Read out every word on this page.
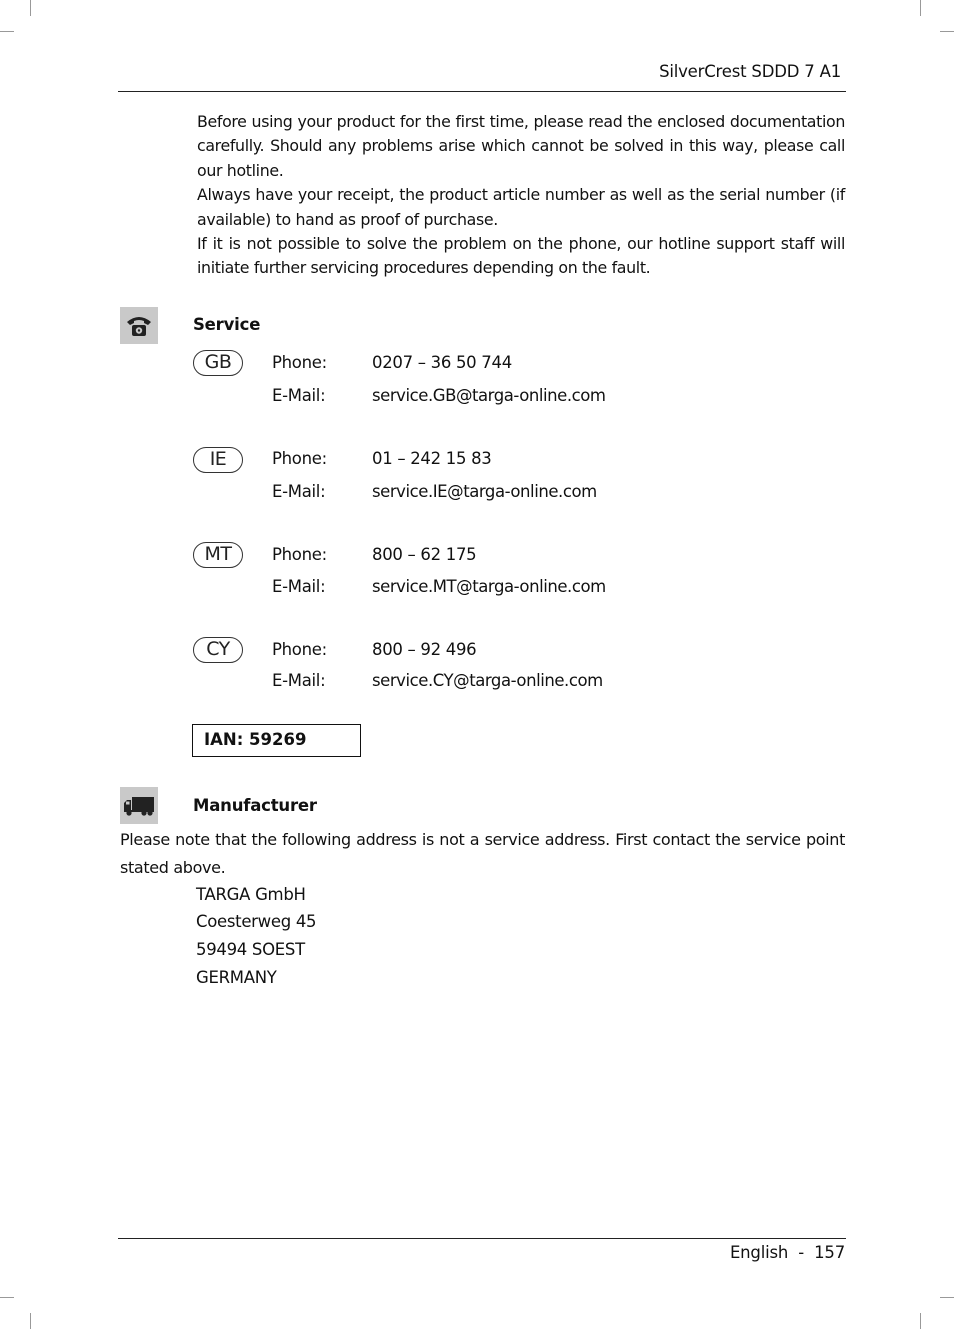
SilverCrest SDDD 7 A1

Before using your product for the first time, please read the enclosed documentation carefully. Should any problems arise which cannot be solved in this way, please call our hotline.

Always have your receipt, the product article number as well as the serial number (if available) to hand as proof of purchase.

If it is not possible to solve the problem on the phone, our hotline support staff will initiate further servicing procedures depending on the fault.

Service
GB	Phone:	0207 – 36 50 744
E-Mail:	service.GB@targa-online.com
IE	Phone:	01 – 242 15 83
E-Mail:	service.IE@targa-online.com
MT	Phone:	800 – 62 175
E-Mail:	service.MT@targa-online.com
CY	Phone:	800 – 92 496
E-Mail:	service.CY@targa-online.com
IAN: 59269
Manufacturer
Please note that the following address is not a service address. First contact the service point stated above.
TARGA GmbH
Coesterweg 45
59494 SOEST
GERMANY
English - 157
